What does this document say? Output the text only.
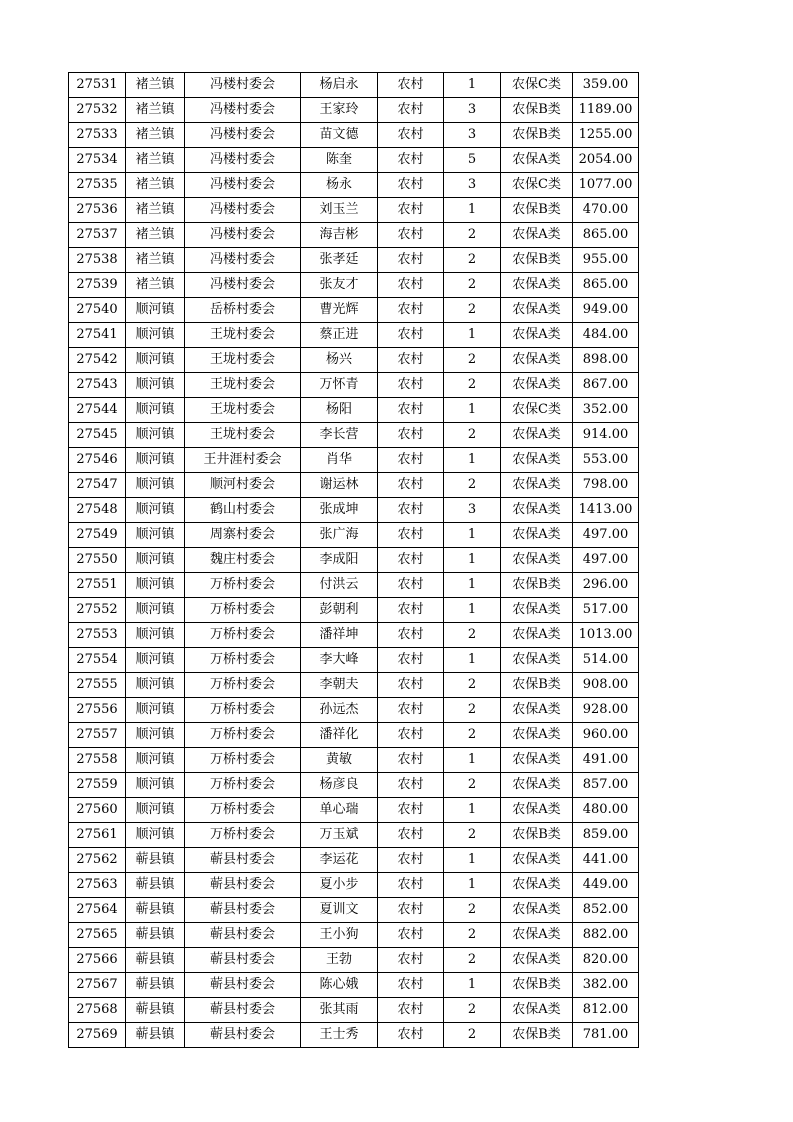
27531	褚兰镇	冯楼村委会	杨启永	农村	1	农保C类	359.00
27532	褚兰镇	冯楼村委会	王家玲	农村	3	农保B类	1189.00
27533	褚兰镇	冯楼村委会	苗文德	农村	3	农保B类	1255.00
27534	褚兰镇	冯楼村委会	陈奎	农村	5	农保A类	2054.00
27535	褚兰镇	冯楼村委会	杨永	农村	3	农保C类	1077.00
27536	褚兰镇	冯楼村委会	刘玉兰	农村	1	农保B类	470.00
27537	褚兰镇	冯楼村委会	海吉彬	农村	2	农保A类	865.00
27538	褚兰镇	冯楼村委会	张孝廷	农村	2	农保B类	955.00
27539	褚兰镇	冯楼村委会	张友才	农村	2	农保A类	865.00
27540	顺河镇	岳桥村委会	曹光辉	农村	2	农保A类	949.00
27541	顺河镇	王垅村委会	蔡正进	农村	1	农保A类	484.00
27542	顺河镇	王垅村委会	杨兴	农村	2	农保A类	898.00
27543	顺河镇	王垅村委会	万怀青	农村	2	农保A类	867.00
27544	顺河镇	王垅村委会	杨阳	农村	1	农保C类	352.00
27545	顺河镇	王垅村委会	李长营	农村	2	农保A类	914.00
27546	顺河镇	王井涯村委会	肖华	农村	1	农保A类	553.00
27547	顺河镇	顺河村委会	谢运林	农村	2	农保A类	798.00
27548	顺河镇	鹤山村委会	张成坤	农村	3	农保A类	1413.00
27549	顺河镇	周寨村委会	张广海	农村	1	农保A类	497.00
27550	顺河镇	魏庄村委会	李成阳	农村	1	农保A类	497.00
27551	顺河镇	万桥村委会	付洪云	农村	1	农保B类	296.00
27552	顺河镇	万桥村委会	彭朝利	农村	1	农保A类	517.00
27553	顺河镇	万桥村委会	潘祥坤	农村	2	农保A类	1013.00
27554	顺河镇	万桥村委会	李大峰	农村	1	农保A类	514.00
27555	顺河镇	万桥村委会	李朝夫	农村	2	农保B类	908.00
27556	顺河镇	万桥村委会	孙远杰	农村	2	农保A类	928.00
27557	顺河镇	万桥村委会	潘祥化	农村	2	农保A类	960.00
27558	顺河镇	万桥村委会	黄敏	农村	1	农保A类	491.00
27559	顺河镇	万桥村委会	杨彦良	农村	2	农保A类	857.00
27560	顺河镇	万桥村委会	单心瑞	农村	1	农保A类	480.00
27561	顺河镇	万桥村委会	万玉斌	农村	2	农保B类	859.00
27562	蕲县镇	蕲县村委会	李运花	农村	1	农保A类	441.00
27563	蕲县镇	蕲县村委会	夏小步	农村	1	农保A类	449.00
27564	蕲县镇	蕲县村委会	夏训文	农村	2	农保A类	852.00
27565	蕲县镇	蕲县村委会	王小狗	农村	2	农保A类	882.00
27566	蕲县镇	蕲县村委会	王勃	农村	2	农保A类	820.00
27567	蕲县镇	蕲县村委会	陈心娥	农村	1	农保B类	382.00
27568	蕲县镇	蕲县村委会	张其雨	农村	2	农保A类	812.00
27569	蕲县镇	蕲县村委会	王士秀	农村	2	农保B类	781.00
